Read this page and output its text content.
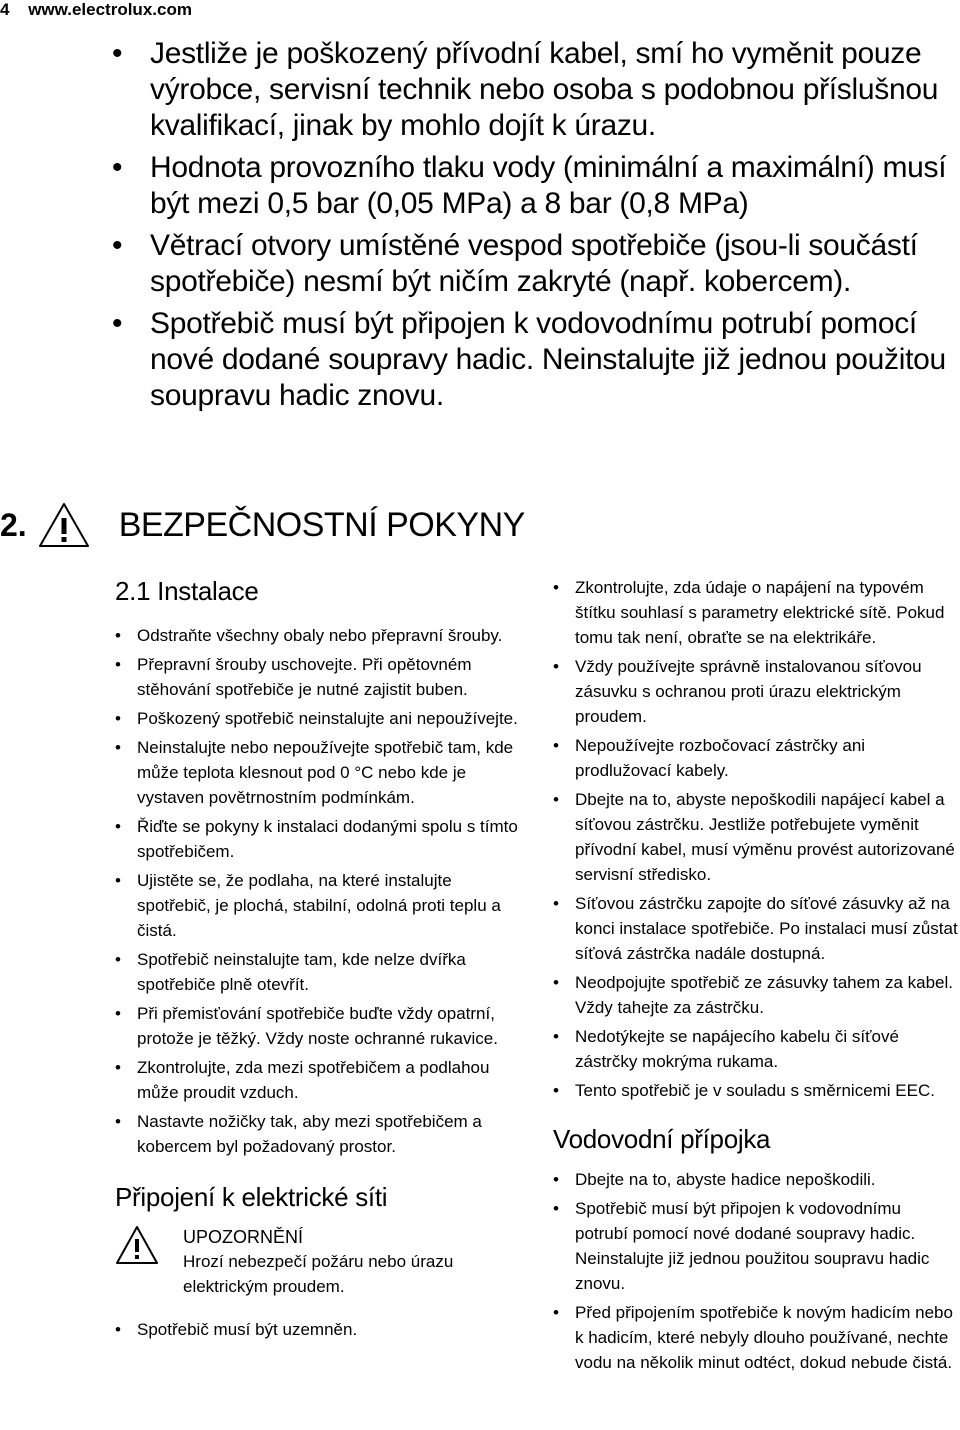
4 www.electrolux.com
• Jestliže je poškozený přívodní kabel, smí ho vyměnit pouze výrobce, servisní technik nebo osoba s podobnou příslušnou kvalifikací, jinak by mohlo dojít k úrazu.
• Hodnota provozního tlaku vody (minimální a maximální) musí být mezi 0,5 bar (0,05 MPa) a 8 bar (0,8 MPa)
• Větrací otvory umístěné vespod spotřebiče (jsou-li součástí spotřebiče) nesmí být ničím zakryté (např. kobercem).
• Spotřebič musí být připojen k vodovodnímu potrubí pomocí nové dodané soupravy hadic. Neinstalujte již jednou použitou soupravu hadic znovu.
2.	BEZPEČNOSTNÍ POKYNY
2.1 Instalace
• Odstraňte všechny obaly nebo přepravní šrouby.
• Přepravní šrouby uschovejte. Při opětovném stěhování spotřebiče je nutné zajistit buben.
• Poškozený spotřebič neinstalujte ani nepoužívejte.
• Neinstalujte nebo nepoužívejte spotřebič tam, kde může teplota klesnout pod 0 °C nebo kde je vystaven povětrnostním podmínkám.
• Řiďte se pokyny k instalaci dodanými spolu s tímto spotřebičem.
• Ujistěte se, že podlaha, na které instalujte spotřebič, je plochá, stabilní, odolná proti teplu a čistá.
• Spotřebič neinstalujte tam, kde nelze dvířka spotřebiče plně otevřít.
• Při přemisťování spotřebiče buďte vždy opatrní, protože je těžký. Vždy noste ochranné rukavice.
• Zkontrolujte, zda mezi spotřebičem a podlahou může proudit vzduch.
• Nastavte nožičky tak, aby mezi spotřebičem a kobercem byl požadovaný prostor.
Připojení k elektrické síti
UPOZORNĚNÍ
Hrozí nebezpečí požáru nebo úrazu elektrickým proudem.
• Spotřebič musí být uzemněn.
• Zkontrolujte, zda údaje o napájení na typovém štítku souhlasí s parametry elektrické sítě. Pokud tomu tak není, obraťte se na elektrikáře.
• Vždy používejte správně instalovanou síťovou zásuvku s ochranou proti úrazu elektrickým proudem.
• Nepoužívejte rozbočovací zástrčky ani prodlužovací kabely.
• Dbejte na to, abyste nepoškodili napájecí kabel a síťovou zástrčku. Jestliže potřebujete vyměnit přívodní kabel, musí výměnu provést autorizované servisní středisko.
• Síťovou zástrčku zapojte do síťové zásuvky až na konci instalace spotřebiče. Po instalaci musí zůstat síťová zástrčka nadále dostupná.
• Neodpojujte spotřebič ze zásuvky tahem za kabel. Vždy tahejte za zástrčku.
• Nedotýkejte se napájecího kabelu či síťové zástrčky mokrýma rukama.
• Tento spotřebič je v souladu s směrnicemi EEC.
Vodovodní přípojka
• Dbejte na to, abyste hadice nepoškodili.
• Spotřebič musí být připojen k vodovodnímu potrubí pomocí nové dodané soupravy hadic. Neinstalujte již jednou použitou soupravu hadic znovu.
• Před připojením spotřebiče k novým hadicím nebo k hadicím, které nebyly dlouho používané, nechte vodu na několik minut odtéct, dokud nebude čistá.
